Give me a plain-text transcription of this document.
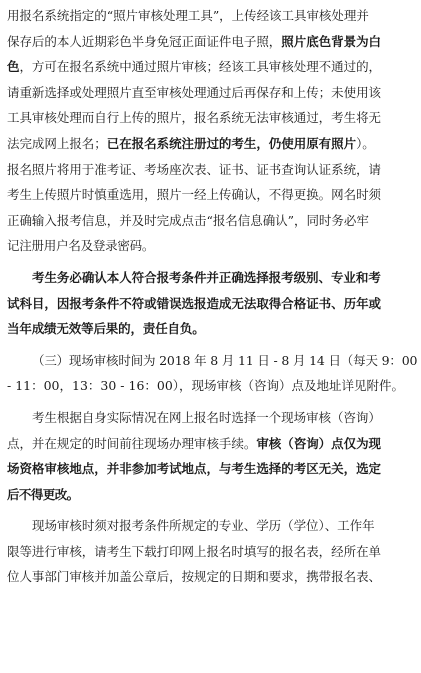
用报名系统指定的“照片审核处理工具”，上传经该工具审核处理并
保存后的本人近期彩色半身免冠正面证件电子照，照片底色背景为白
色，方可在报名系统中通过照片审核；经该工具审核处理不通过的，
请重新选择或处理照片直至审核处理通过后再保存和上传；未使用该
工具审核处理而自行上传的照片，报名系统无法审核通过，考生将无
法完成网上报名；已在报名系统注册过的考生，仍使用原有照片）。
报名照片将用于准考证、考场座次表、证书、证书查询认证系统，请
考生上传照片时慎重选用，照片一经上传确认，不得更换。网名时须
正确输入报考信息，并及时完成点击“报名信息确认”，同时务必牢
记注册用户名及登录密码。
考生务必确认本人符合报考条件并正确选择报考级别、专业和考
试科目，因报考条件不符或错误选报造成无法取得合格证书、历年或
当年成绩无效等后果的，责任自负。
（三）现场审核时间为 2018 年 8 月 11 日 - 8 月 14 日（每天 9：00
- 11：00，13：30 - 16：00），现场审核（咨询）点及地址详见附件。
考生根据自身实际情况在网上报名时选择一个现场审核（咨询）
点，并在规定的时间前往现场办理审核手续。审核（咨询）点仅为现
场资格审核地点，并非参加考试地点，与考生选择的考区无关，选定
后不得更改。
现场审核时须对报考条件所规定的专业、学历（学位）、工作年
限等进行审核，请考生下载打印网上报名时填写的报名表，经所在单
位人事部门审核并加盖公章后，按规定的日期和要求，携带报名表、
